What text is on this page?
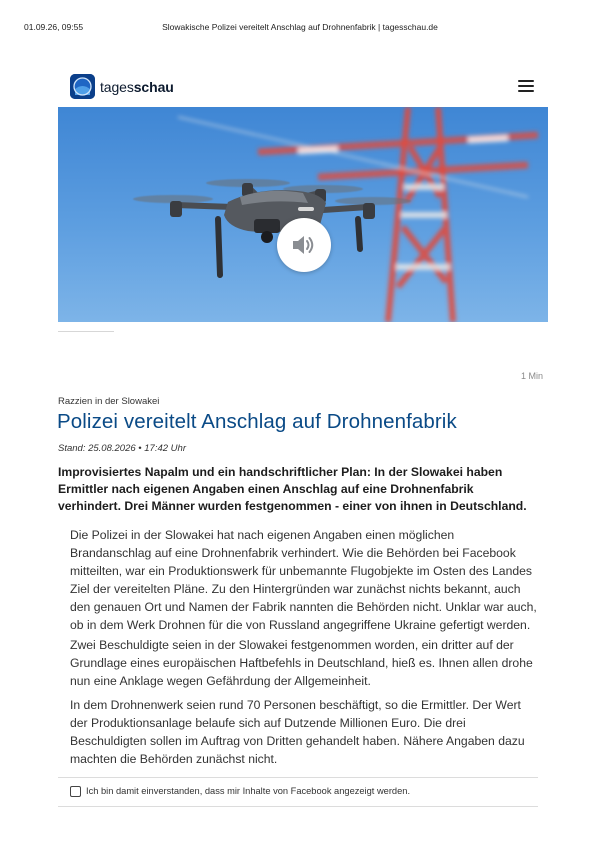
01.09.26, 09:55	Slowakische Polizei vereitelt Anschlag auf Drohnenfabrik | tagesschau.de
tagesschau
1 Min
Razzien in der Slowakei
Polizei vereitelt Anschlag auf Drohnenfabrik
Stand: 25.08.2026 • 17:42 Uhr

Improvisiertes Napalm und ein handschriftlicher Plan: In der Slowakei haben Ermittler nach eigenen Angaben einen Anschlag auf eine Drohnenfabrik verhindert. Drei Männer wurden festgenommen - einer von ihnen in Deutschland.

Die Polizei in der Slowakei hat nach eigenen Angaben einen möglichen Brandanschlag auf eine Drohnenfabrik verhindert. Wie die Behörden bei Facebook mitteilten, war ein Produktionswerk für unbemannte Flugobjekte im Osten des Landes Ziel der vereitelten Pläne. Zu den Hintergründen war zunächst nichts bekannt, auch den genauen Ort und Namen der Fabrik nannten die Behörden nicht. Unklar war auch, ob in dem Werk Drohnen für die von Russland angegriffene Ukraine gefertigt werden.

Zwei Beschuldigte seien in der Slowakei festgenommen worden, ein dritter auf der Grundlage eines europäischen Haftbefehls in Deutschland, hieß es. Ihnen allen drohe nun eine Anklage wegen Gefährdung der Allgemeinheit.

In dem Drohnenwerk seien rund 70 Personen beschäftigt, so die Ermittler. Der Wert der Produktionsanlage belaufe sich auf Dutzende Millionen Euro. Die drei Beschuldigten sollen im Auftrag von Dritten gehandelt haben. Nähere Angaben dazu machten die Behörden zunächst nicht.

Ich bin damit einverstanden, dass mir Inhalte von Facebook angezeigt werden.
